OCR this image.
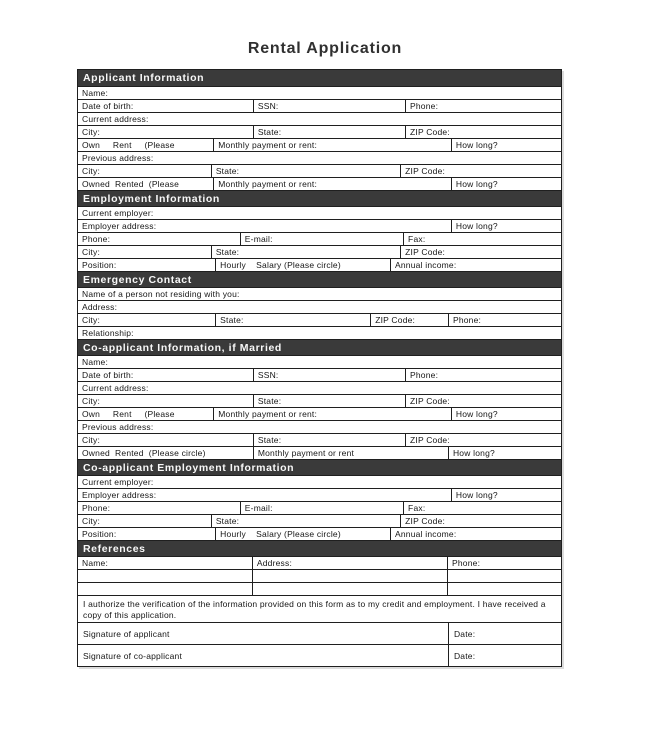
Rental Application
Applicant Information
Name:
Date of birth:	SSN:	Phone:
Current address:
City:	State:	ZIP Code:
Own     Rent     (Please	Monthly payment or rent:	How long?
Previous address:
City:	State:	ZIP Code:
Owned  Rented  (Please	Monthly payment or rent:	How long?
Employment Information
Current employer:
Employer address:	How long?
Phone:	E-mail:	Fax:
City:	State:	ZIP Code:
Position:	Hourly    Salary (Please circle)	Annual income:
Emergency Contact
Name of a person not residing with you:
Address:
City:	State:	ZIP Code:	Phone:
Relationship:
Co-applicant Information, if Married
Name:
Date of birth:	SSN:	Phone:
Current address:
City:	State:	ZIP Code:
Own     Rent     (Please	Monthly payment or rent:	How long?
Previous address:
City:	State:	ZIP Code:
Owned  Rented  (Please circle)	Monthly payment or rent	How long?
Co-applicant Employment Information
Current employer:
Employer address:	How long?
Phone:	E-mail:	Fax:
City:	State:	ZIP Code:
Position:	Hourly    Salary (Please circle)	Annual income:
References
Name:	Address:	Phone:
I authorize the verification of the information provided on this form as to my credit and employment. I have received a copy of this application.
Signature of applicant	Date:
Signature of co-applicant	Date:
